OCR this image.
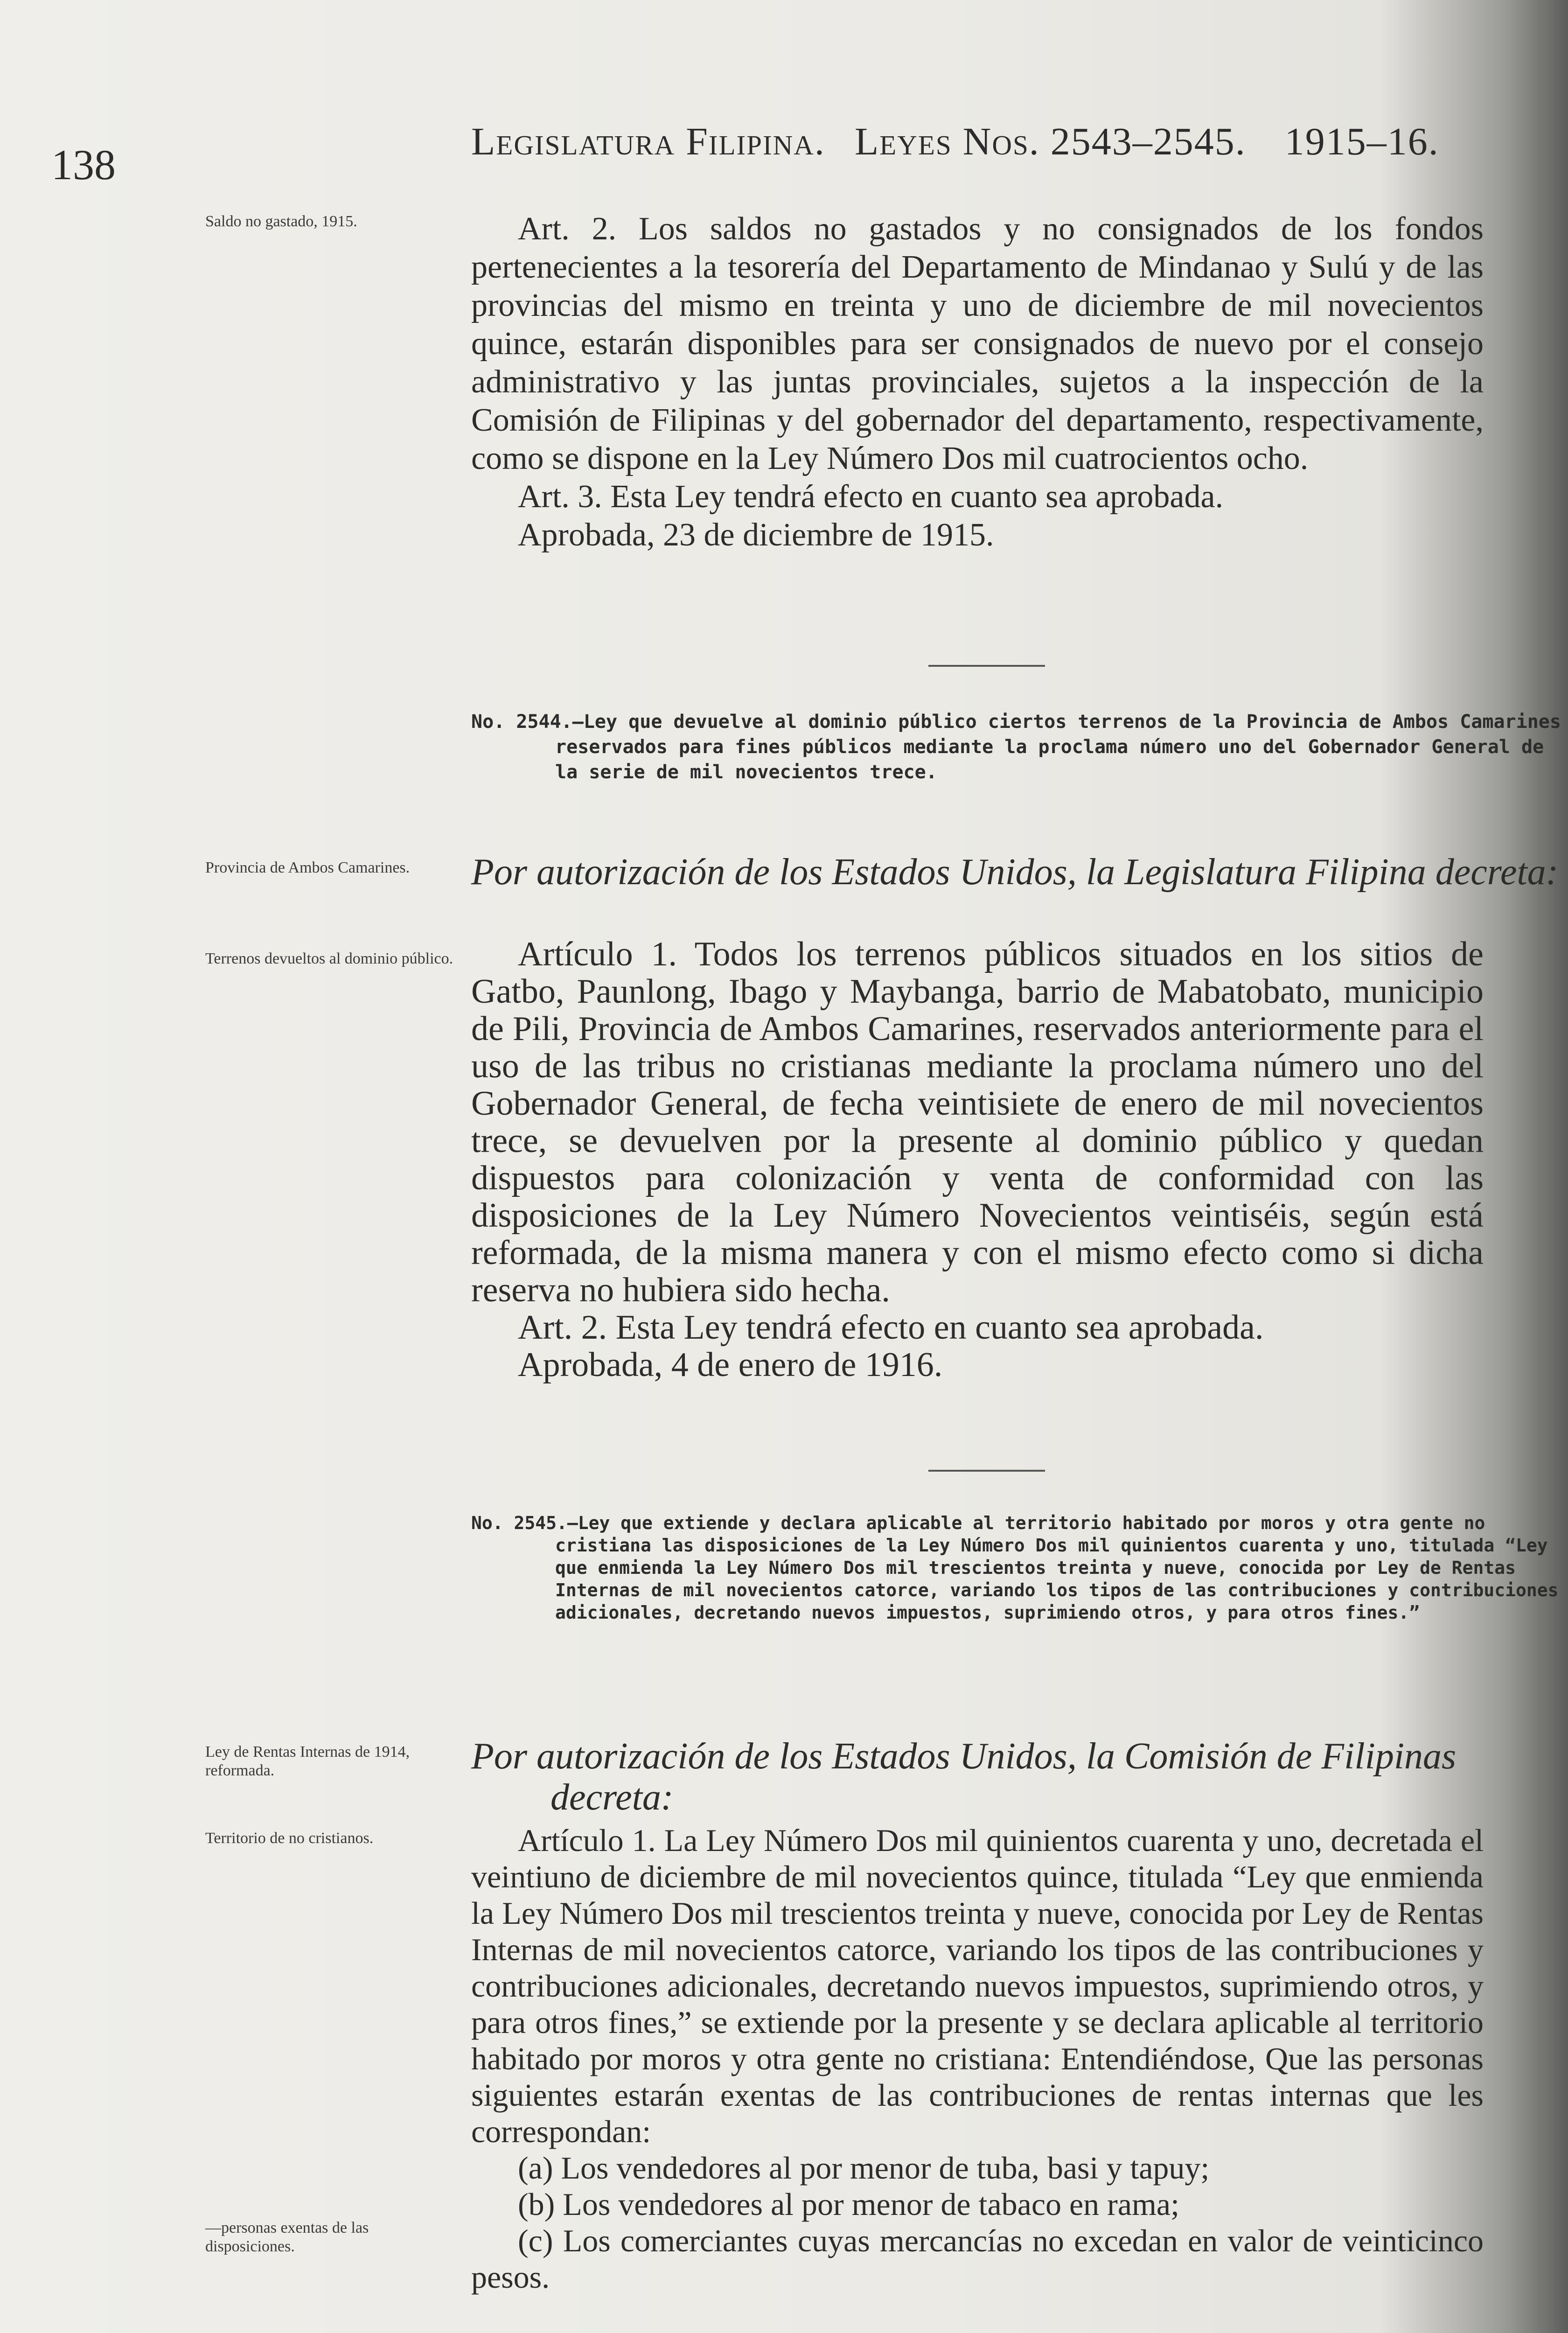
138	Legislatura Filipina. Leyes Nos. 2543–2545. 1915–16.
Saldo no gastado, 1915.	Art. 2. Los saldos no gastados y no consignados de los fondos pertenecientes a la tesorería del Departamento de Mindanao y Sulú y de las provincias del mismo en treinta y uno de diciembre de mil novecientos quince, estarán disponibles para ser consignados de nuevo por el consejo administrativo y las juntas provinciales, sujetos a la inspección de la Comisión de Filipinas y del gobernador del departamento, respectivamente, como se dispone en la Ley Número Dos mil cuatrocientos ocho.

Art. 3. Esta Ley tendrá efecto en cuanto sea aprobada.

Aprobada, 23 de diciembre de 1915.

No. 2544.—Ley que devuelve al dominio público ciertos terrenos de la Provincia de Ambos Camarines reservados para fines públicos mediante la proclama número uno del Gobernador General de la serie de mil novecientos trece.
Provincia de Ambos Camarines.	Por autorización de los Estados Unidos, la Legislatura Filipina decreta:
Terrenos devueltos al dominio público.	Artículo 1. Todos los terrenos públicos situados en los sitios de Gatbo, Paunlong, Ibago y Maybanga, barrio de Mabatobato, municipio de Pili, Provincia de Ambos Camarines, reservados anteriormente para el uso de las tribus no cristianas mediante la proclama número uno del Gobernador General, de fecha veintisiete de enero de mil novecientos trece, se devuelven por la presente al dominio público y quedan dispuestos para colonización y venta de conformidad con las disposiciones de la Ley Número Novecientos veintiséis, según está reformada, de la misma manera y con el mismo efecto como si dicha reserva no hubiera sido hecha.

Art. 2. Esta Ley tendrá efecto en cuanto sea aprobada.

Aprobada, 4 de enero de 1916.

No. 2545.—Ley que extiende y declara aplicable al territorio habitado por moros y otra gente no cristiana las disposiciones de la Ley Número Dos mil quinientos cuarenta y uno, titulada “Ley que enmienda la Ley Número Dos mil trescientos treinta y nueve, conocida por Ley de Rentas Internas de mil novecientos catorce, variando los tipos de las contribuciones y contribuciones adicionales, decretando nuevos impuestos, suprimiendo otros, y para otros fines.”
Ley de Rentas Internas de 1914, reformada.	Por autorización de los Estados Unidos, la Comisión de Filipinas decreta:
Territorio de no cristianos.	Artículo 1. La Ley Número Dos mil quinientos cuarenta y uno, decretada el veintiuno de diciembre de mil novecientos quince, titulada “Ley que enmienda la Ley Número Dos mil trescientos treinta y nueve, conocida por Ley de Rentas Internas de mil novecientos catorce, variando los tipos de las contribuciones y contribuciones adicionales, decretando nuevos impuestos, suprimiendo otros, y para otros fines,” se extiende por la presente y se declara aplicable al territorio habitado por moros y otra gente no cristiana: Entendiéndose, Que las personas siguientes estarán exentas de las contribuciones de rentas internas que les correspondan:

(a) Los vendedores al por menor de tuba, basi y tapuy;

(b) Los vendedores al por menor de tabaco en rama;

(c) Los comerciantes cuyas mercancías no excedan en valor de veinticinco pesos.

—personas exentas de las disposiciones.
